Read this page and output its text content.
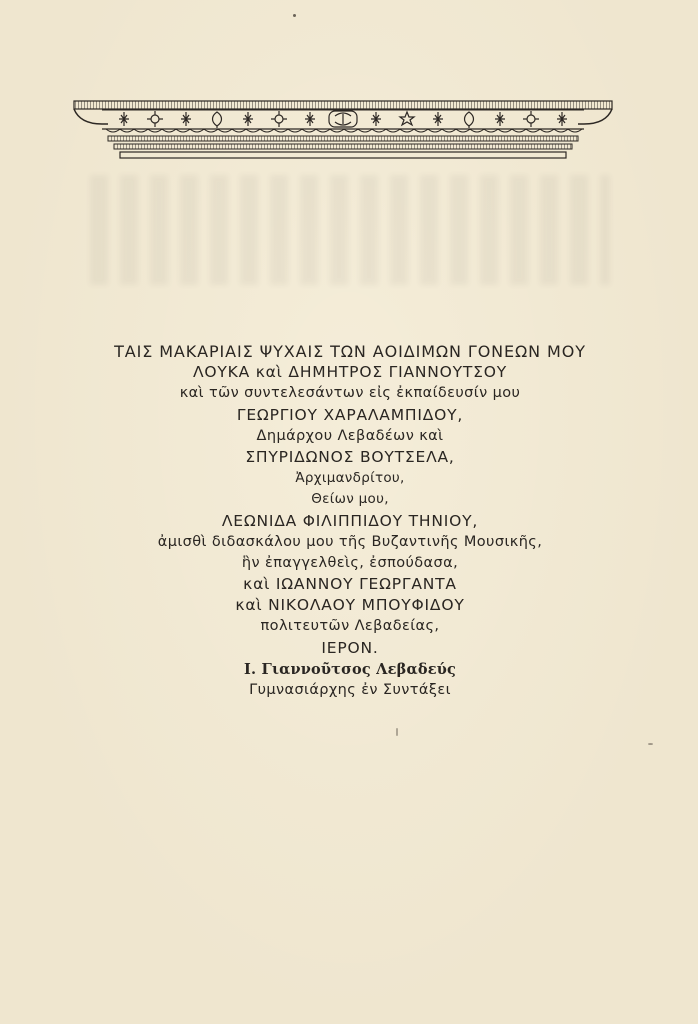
ΤΑΙΣ ΜΑΚΑΡΙΑΙΣ ΨΥΧΑΙΣ ΤΩΝ ΑΟΙΔΙΜΩΝ ΓΟΝΕΩΝ ΜΟΥ
ΛΟΥΚΑ καὶ ΔΗΜΗΤΡΟΣ ΓΙΑΝΝΟΥΤΣΟΥ
καὶ τῶν συντελεσάντων εἰς ἐκπαίδευσίν μου
ΓΕΩΡΓΙΟΥ ΧΑΡΑΛΑΜΠΙΔΟΥ,
Δημάρχου Λεβαδέων καὶ
ΣΠΥΡΙΔΩΝΟΣ ΒΟΥΤΣΕΛΑ,
Ἀρχιμανδρίτου,
Θείων μου,
ΛΕΩΝΙΔΑ ΦΙΛΙΠΠΙΔΟΥ ΤΗΝΙΟΥ,
ἀμισθὶ διδασκάλου μου τῆς Βυζαντινῆς Μουσικῆς,
ἣν ἐπαγγελθεὶς, ἐσπούδασα,
καὶ ΙΩΑΝΝΟΥ ΓΕΩΡΓΑΝΤΑ
καὶ ΝΙΚΟΛΑΟΥ ΜΠΟΥΦΙΔΟΥ
πολιτευτῶν Λεβαδείας,
ΙΕΡΟΝ.
Ι. Γιαννοῦτσος Λεβαδεύς
Γυμνασιάρχης ἐν Συντάξει
